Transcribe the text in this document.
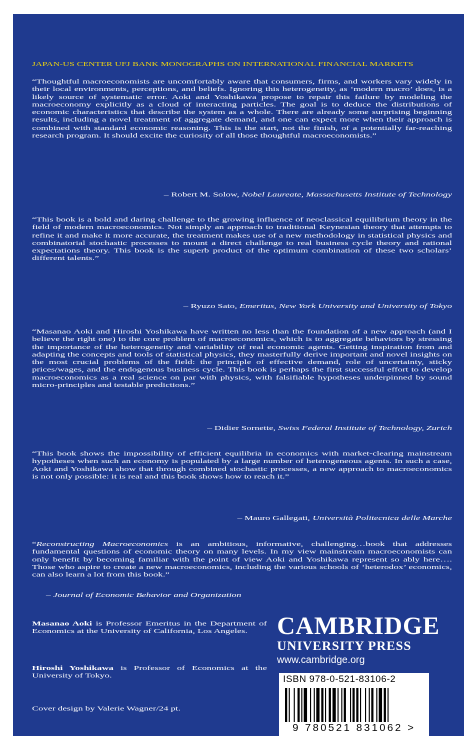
JAPAN-US CENTER UFJ BANK MONOGRAPHS ON INTERNATIONAL FINANCIAL MARKETS

“Thoughtful macroeconomists are uncomfortably aware that consumers, firms, and workers vary widely in their local environments, perceptions, and beliefs. Ignoring this heterogeneity, as ‘modern macro’ does, is a likely source of systematic error. Aoki and Yoshikawa propose to repair this failure by modeling the macroeconomy explicitly as a cloud of interacting particles. The goal is to deduce the distributions of economic characteristics that describe the system as a whole. There are already some surprising beginning results, including a novel treatment of aggregate demand, and one can expect more when their approach is combined with standard economic reasoning. This is the start, not the finish, of a potentially far-reaching research program. It should excite the curiosity of all those thoughtful macroeconomists.”

– Robert M. Solow, Nobel Laureate, Massachusetts Institute of Technology

“This book is a bold and daring challenge to the growing influence of neoclassical equilibrium theory in the field of modern macroeconomics. Not simply an approach to traditional Keynesian theory that attempts to refine it and make it more accurate, the treatment makes use of a new methodology in statistical physics and combinatorial stochastic processes to mount a direct challenge to real business cycle theory and rational expectations theory. This book is the superb product of the optimum combination of these two scholars’ different talents.”

– Ryuzo Sato, Emeritus, New York University and University of Tokyo

“Masanao Aoki and Hiroshi Yoshikawa have written no less than the foundation of a new approach (and I believe the right one) to the core problem of macroeconomics, which is to aggregate behaviors by stressing the importance of the heterogeneity and variability of real economic agents. Getting inspiration from and adapting the concepts and tools of statistical physics, they masterfully derive important and novel insights on the most crucial problems of the field: the principle of effective demand, role of uncertainty, sticky prices/wages, and the endogenous business cycle. This book is perhaps the first successful effort to develop macroeconomics as a real science on par with physics, with falsifiable hypotheses underpinned by sound micro-principles and testable predictions.”

– Didier Sornette, Swiss Federal Institute of Technology, Zurich

“This book shows the impossibility of efficient equilibria in economics with market-clearing mainstream hypotheses when such an economy is populated by a large number of heterogeneous agents. In such a case, Aoki and Yoshikawa show that through combined stochastic processes, a new approach to macroeconomics is not only possible: it is real and this book shows how to reach it.”

– Mauro Gallegati, Università Politecnica delle Marche

“Reconstructing Macroeconomics is an ambitious, informative, challenging…book that addresses fundamental questions of economic theory on many levels. In my view mainstream macroeconomists can only benefit by becoming familiar with the point of view Aoki and Yoshikawa represent so ably here…. Those who aspire to create a new macroeconomics, including the various schools of ‘heterodox’ economics, can also learn a lot from this book.”

– Journal of Economic Behavior and Organization
Masanao Aoki is Professor Emeritus in the Department of Economics at the University of California, Los Angeles.
Hiroshi Yoshikawa is Professor of Economics at the University of Tokyo.
Cover design by Valerie Wagner/24 pt.
CAMBRIDGE
UNIVERSITY PRESS
www.cambridge.org
ISBN 978-0-521-83106-2
9 780521 831062 >
